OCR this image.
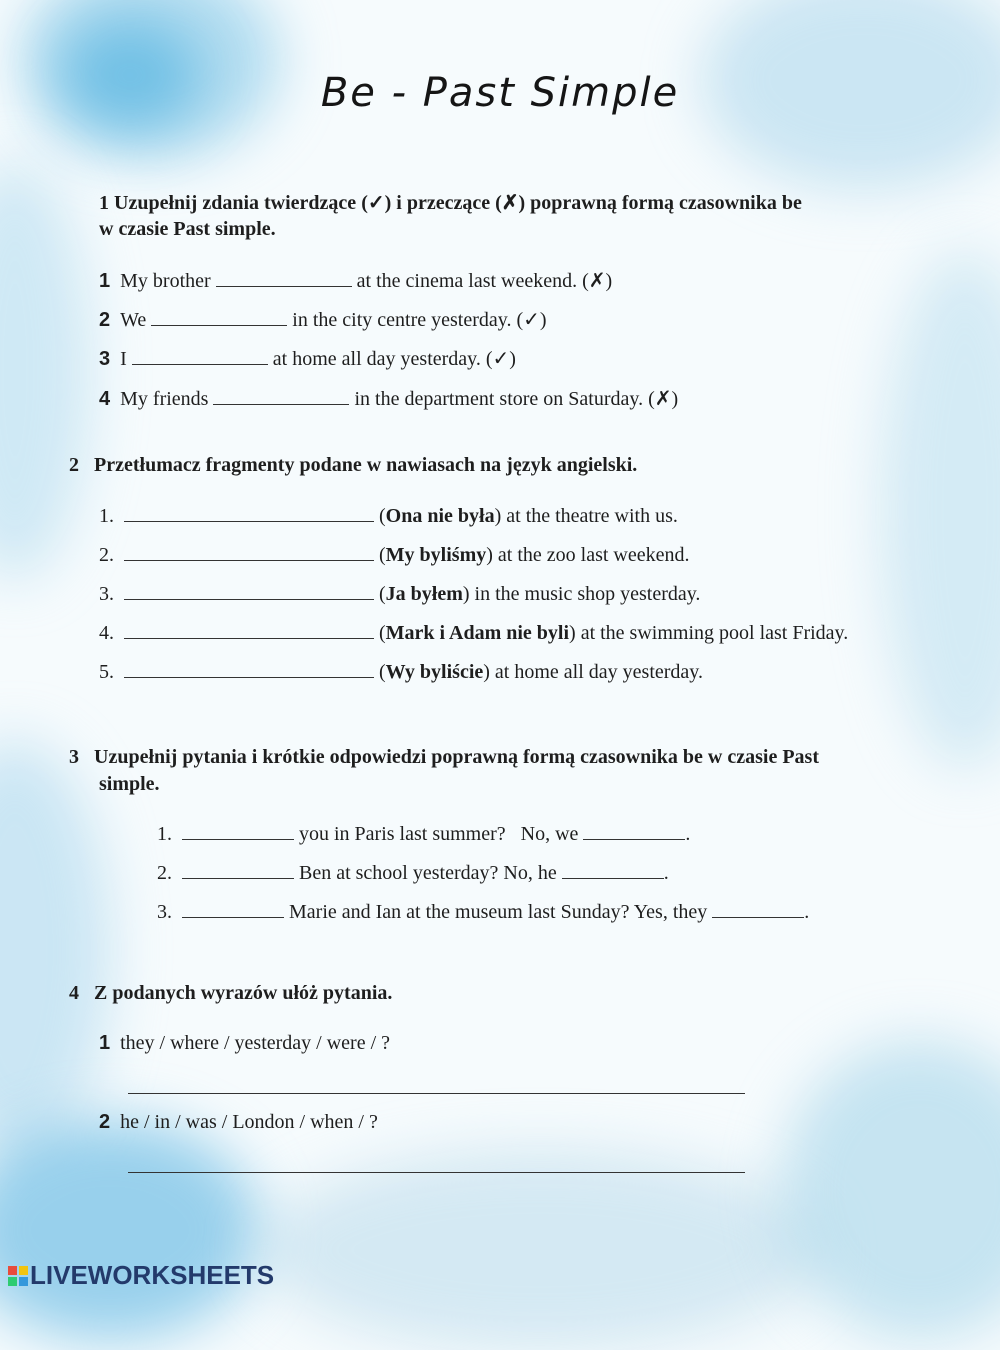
Be - Past Simple
1 Uzupełnij zdania twierdzące (✓) i przeczące (✗) poprawną formą czasownika be
w czasie Past simple.
1 My brother	at the cinema last weekend. (✗)
2 We	in the city centre yesterday. (✓)
3 I	at home all day yesterday. (✓)
4 My friends	in the department store on Saturday. (✗)
2 Przetłumacz fragmenty podane w nawiasach na język angielski.
1.	(Ona nie była) at the theatre with us.
2.	(My byliśmy) at the zoo last weekend.
3.	(Ja byłem) in the music shop yesterday.
4.	(Mark i Adam nie byli) at the swimming pool last Friday.
5.	(Wy byliście) at home all day yesterday.
3 Uzupełnij pytania i krótkie odpowiedzi poprawną formą czasownika be w czasie Past
simple.
1.	you in Paris last summer? No, we	.
2.	Ben at school yesterday? No, he	.
3.	Marie and Ian at the museum last Sunday? Yes, they	.
4 Z podanych wyrazów ułóż pytania.
1 they / where / yesterday / were / ?
2 he / in / was / London / when / ?
LIVEWORKSHEETS
